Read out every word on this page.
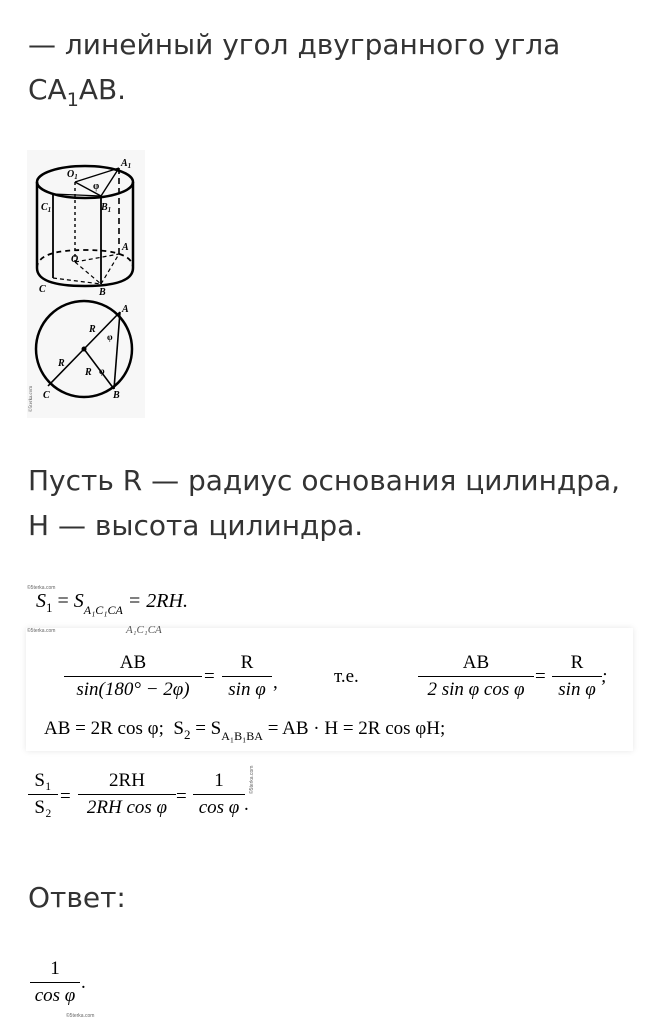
— линейный угол двугранного угла
$CA_1AB$.
$O_1$
$A_1$
φ
$C_1$	$B_1$
A
O
C	B
A
R
φ
R
R φ
C	B
©5terka.com
Пусть R — радиус основания цилиндра,
H — высота цилиндра.
©5terka.com
$S_1 = S_{A_1C_1CA} = 2RH$.
©5terka.com	A₁C₁CA
AB
sin(180° − 2φ)
=
R
sin φ ,	т.е.
AB
2 sin φ cos φ
=
R
sin φ
;
AB = 2R cos φ; $S_2 = S_{A_1B_1BA}$ = AB · H = 2R cos φH;
S₁
S₂
=
2RH
2RH cos φ
=
1
cos φ .
©5terka.com
Ответ:
1
cos φ
.
©5terka.com
